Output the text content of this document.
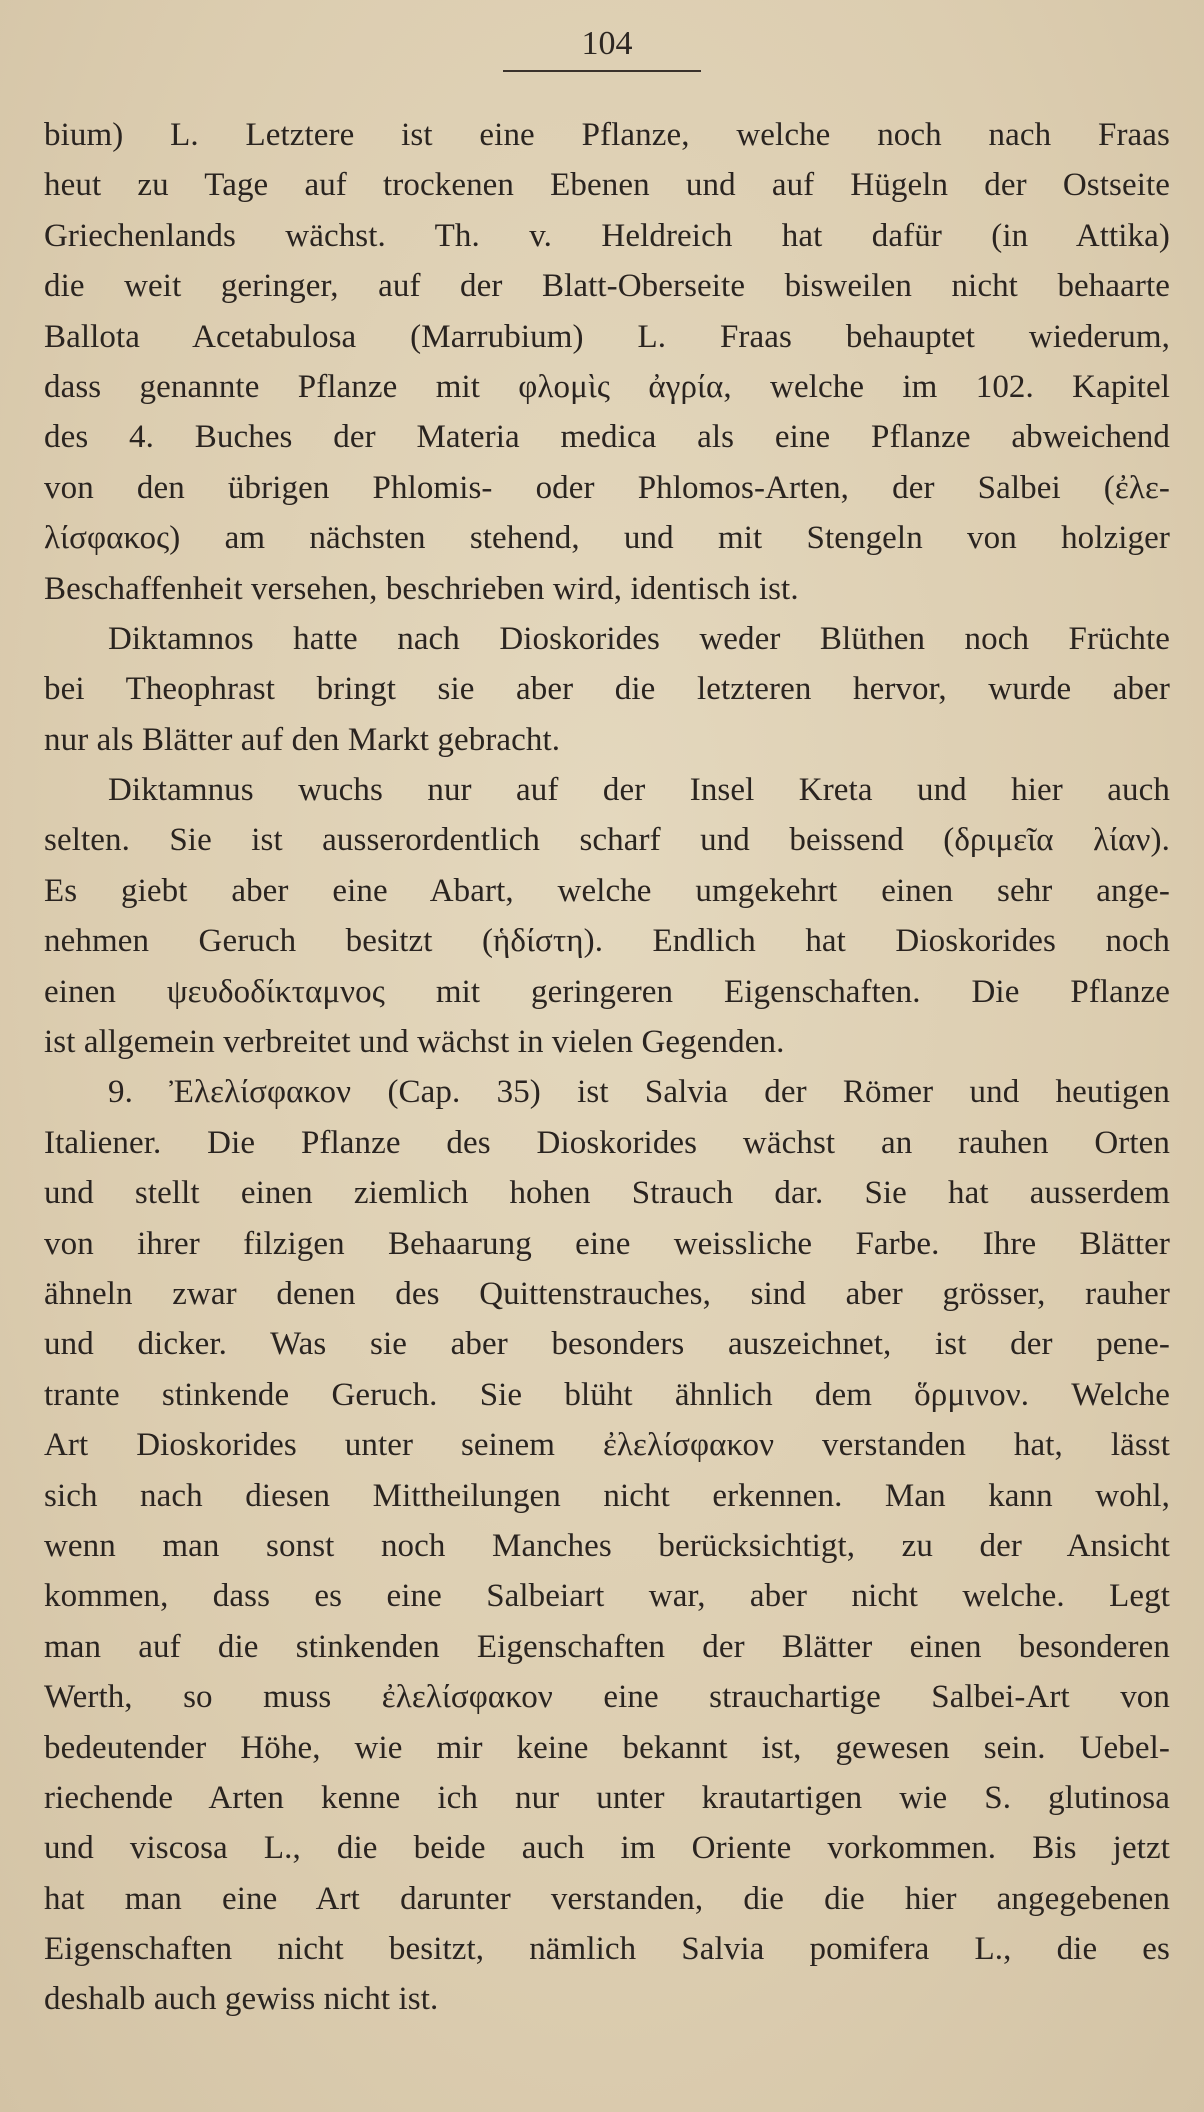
104
bium) L. Letztere ist eine Pflanze, welche noch nach Fraas
heut zu Tage auf trockenen Ebenen und auf Hügeln der Ostseite
Griechenlands wächst. Th. v. Heldreich hat dafür (in Attika)
die weit geringer, auf der Blatt-Oberseite bisweilen nicht behaarte
Ballota Acetabulosa (Marrubium) L. Fraas behauptet wiederum,
dass genannte Pflanze mit φλομὶς ἀγρία, welche im 102. Kapitel
des 4. Buches der Materia medica als eine Pflanze abweichend
von den übrigen Phlomis- oder Phlomos-Arten, der Salbei (ἐλε-
λίσφακος) am nächsten stehend, und mit Stengeln von holziger
Beschaffenheit versehen, beschrieben wird, identisch ist.
Diktamnos hatte nach Dioskorides weder Blüthen noch Früchte
bei Theophrast bringt sie aber die letzteren hervor, wurde aber
nur als Blätter auf den Markt gebracht.
Diktamnus wuchs nur auf der Insel Kreta und hier auch
selten. Sie ist ausserordentlich scharf und beissend (δριμεῖα λίαν).
Es giebt aber eine Abart, welche umgekehrt einen sehr ange-
nehmen Geruch besitzt (ἡδίστη). Endlich hat Dioskorides noch
einen ψευδοδίκταμνος mit geringeren Eigenschaften. Die Pflanze
ist allgemein verbreitet und wächst in vielen Gegenden.
9. Ἐλελίσφακον (Cap. 35) ist Salvia der Römer und heutigen
Italiener. Die Pflanze des Dioskorides wächst an rauhen Orten
und stellt einen ziemlich hohen Strauch dar. Sie hat ausserdem
von ihrer filzigen Behaarung eine weissliche Farbe. Ihre Blätter
ähneln zwar denen des Quittenstrauches, sind aber grösser, rauher
und dicker. Was sie aber besonders auszeichnet, ist der pene-
trante stinkende Geruch. Sie blüht ähnlich dem ὅρμινον. Welche
Art Dioskorides unter seinem ἐλελίσφακον verstanden hat, lässt
sich nach diesen Mittheilungen nicht erkennen. Man kann wohl,
wenn man sonst noch Manches berücksichtigt, zu der Ansicht
kommen, dass es eine Salbeiart war, aber nicht welche. Legt
man auf die stinkenden Eigenschaften der Blätter einen besonderen
Werth, so muss ἐλελίσφακον eine strauchartige Salbei-Art von
bedeutender Höhe, wie mir keine bekannt ist, gewesen sein. Uebel-
riechende Arten kenne ich nur unter krautartigen wie S. glutinosa
und viscosa L., die beide auch im Oriente vorkommen. Bis jetzt
hat man eine Art darunter verstanden, die die hier angegebenen
Eigenschaften nicht besitzt, nämlich Salvia pomifera L., die es
deshalb auch gewiss nicht ist.
